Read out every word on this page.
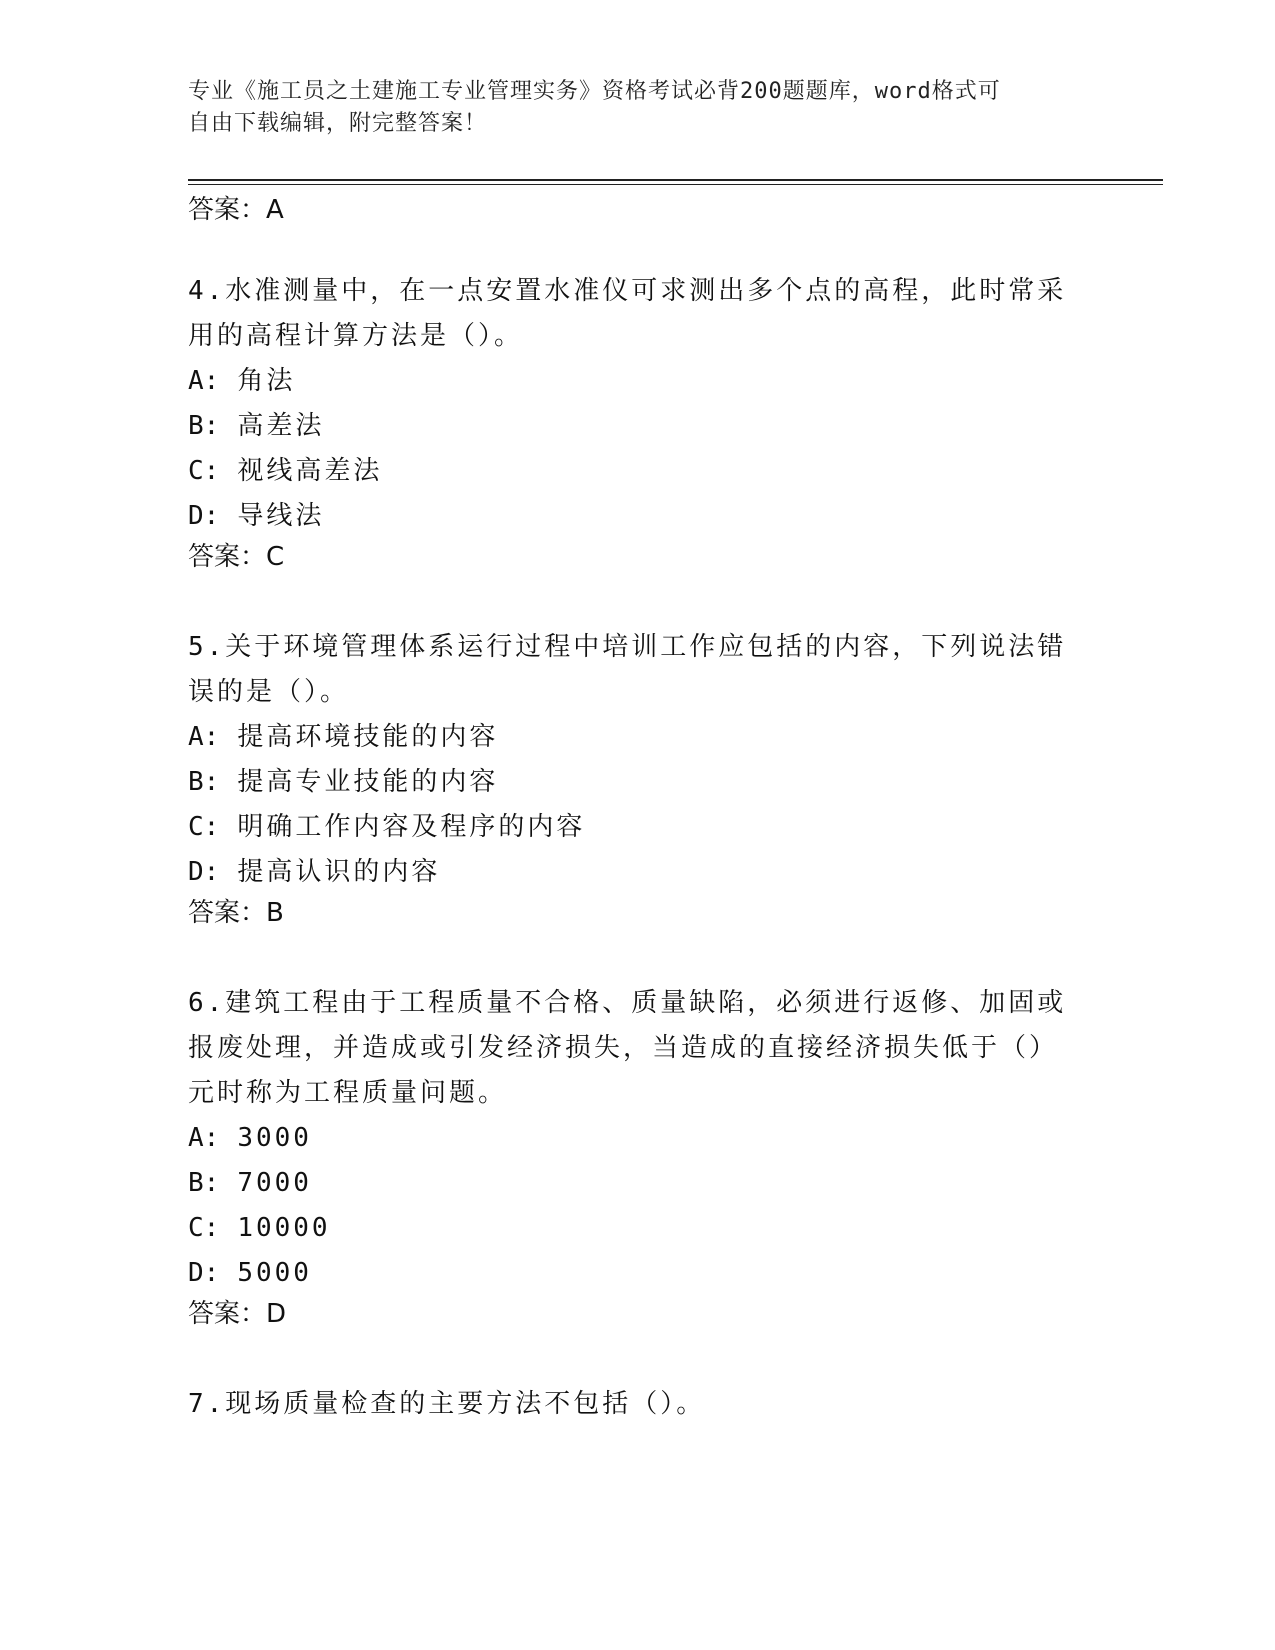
专业《施工员之土建施工专业管理实务》资格考试必背200题题库，word格式可
自由下载编辑，附完整答案！

答案：A

4.水准测量中，在一点安置水准仪可求测出多个点的高程，此时常采

用的高程计算方法是（）。

A: 角法

B: 高差法

C: 视线高差法

D: 导线法

答案：C

5.关于环境管理体系运行过程中培训工作应包括的内容，下列说法错

误的是（）。

A: 提高环境技能的内容

B: 提高专业技能的内容

C: 明确工作内容及程序的内容

D: 提高认识的内容

答案：B

6.建筑工程由于工程质量不合格、质量缺陷，必须进行返修、加固或

报废处理，并造成或引发经济损失，当造成的直接经济损失低于（）

元时称为工程质量问题。

A: 3000

B: 7000

C: 10000

D: 5000

答案：D

7.现场质量检查的主要方法不包括（）。
